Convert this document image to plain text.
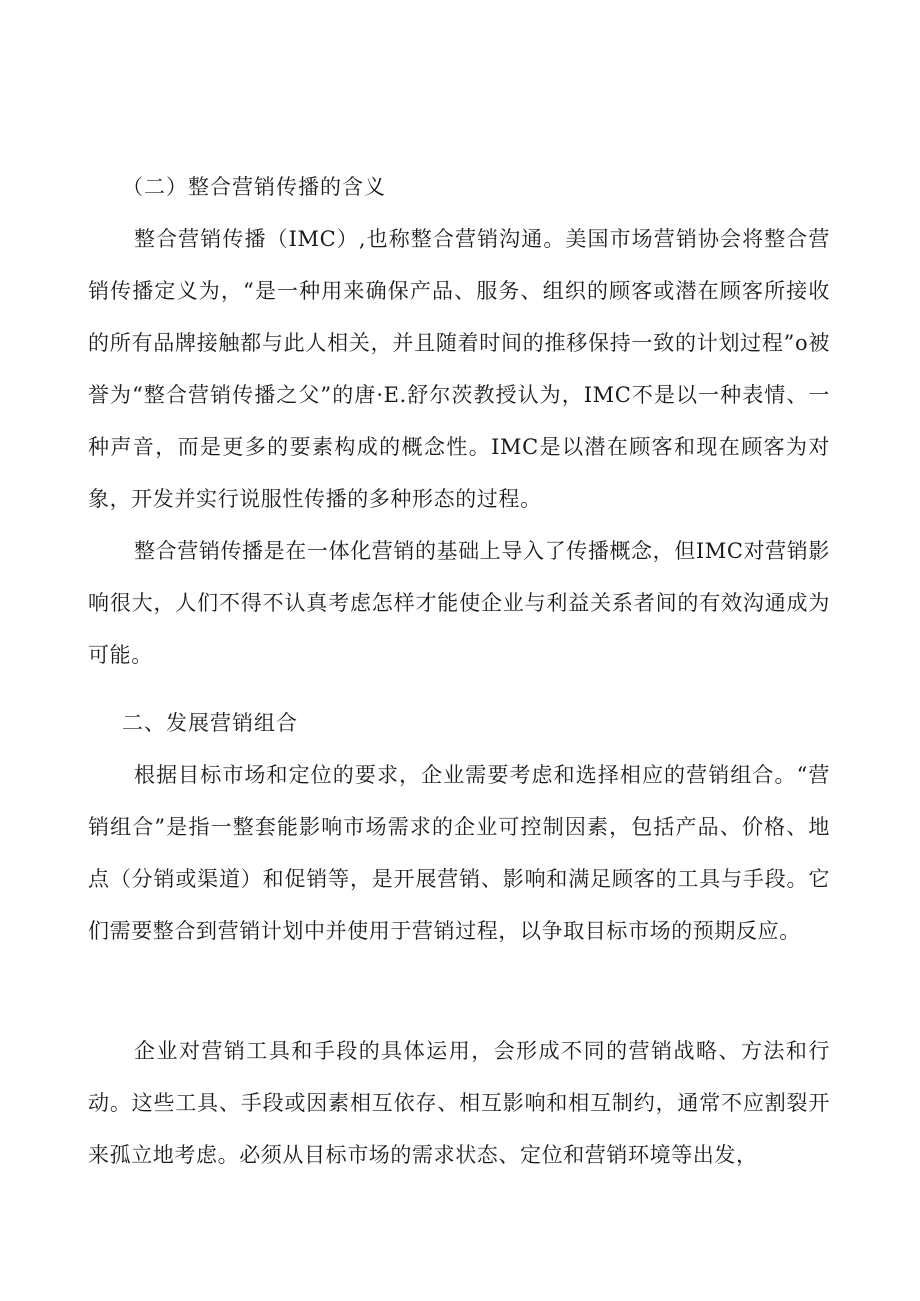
（二）整合营销传播的含义

整合营销传播（IMC）,也称整合营销沟通。美国市场营销协会将整合营销传播定义为，“是一种用来确保产品、服务、组织的顾客或潜在顾客所接收的所有品牌接触都与此人相关，并且随着时间的推移保持一致的计划过程”o被誉为“整合营销传播之父”的唐·E.舒尔茨教授认为，IMC不是以一种表情、一种声音，而是更多的要素构成的概念性。IMC是以潜在顾客和现在顾客为对象，开发并实行说服性传播的多种形态的过程。

整合营销传播是在一体化营销的基础上导入了传播概念，但IMC对营销影响很大，人们不得不认真考虑怎样才能使企业与利益关系者间的有效沟通成为可能。

二、发展营销组合

根据目标市场和定位的要求，企业需要考虑和选择相应的营销组合。“营销组合”是指一整套能影响市场需求的企业可控制因素，包括产品、价格、地点（分销或渠道）和促销等，是开展营销、影响和满足顾客的工具与手段。它们需要整合到营销计划中并使用于营销过程，以争取目标市场的预期反应。

企业对营销工具和手段的具体运用，会形成不同的营销战略、方法和行动。这些工具、手段或因素相互依存、相互影响和相互制约，通常不应割裂开来孤立地考虑。必须从目标市场的需求状态、定位和营销环境等出发，
